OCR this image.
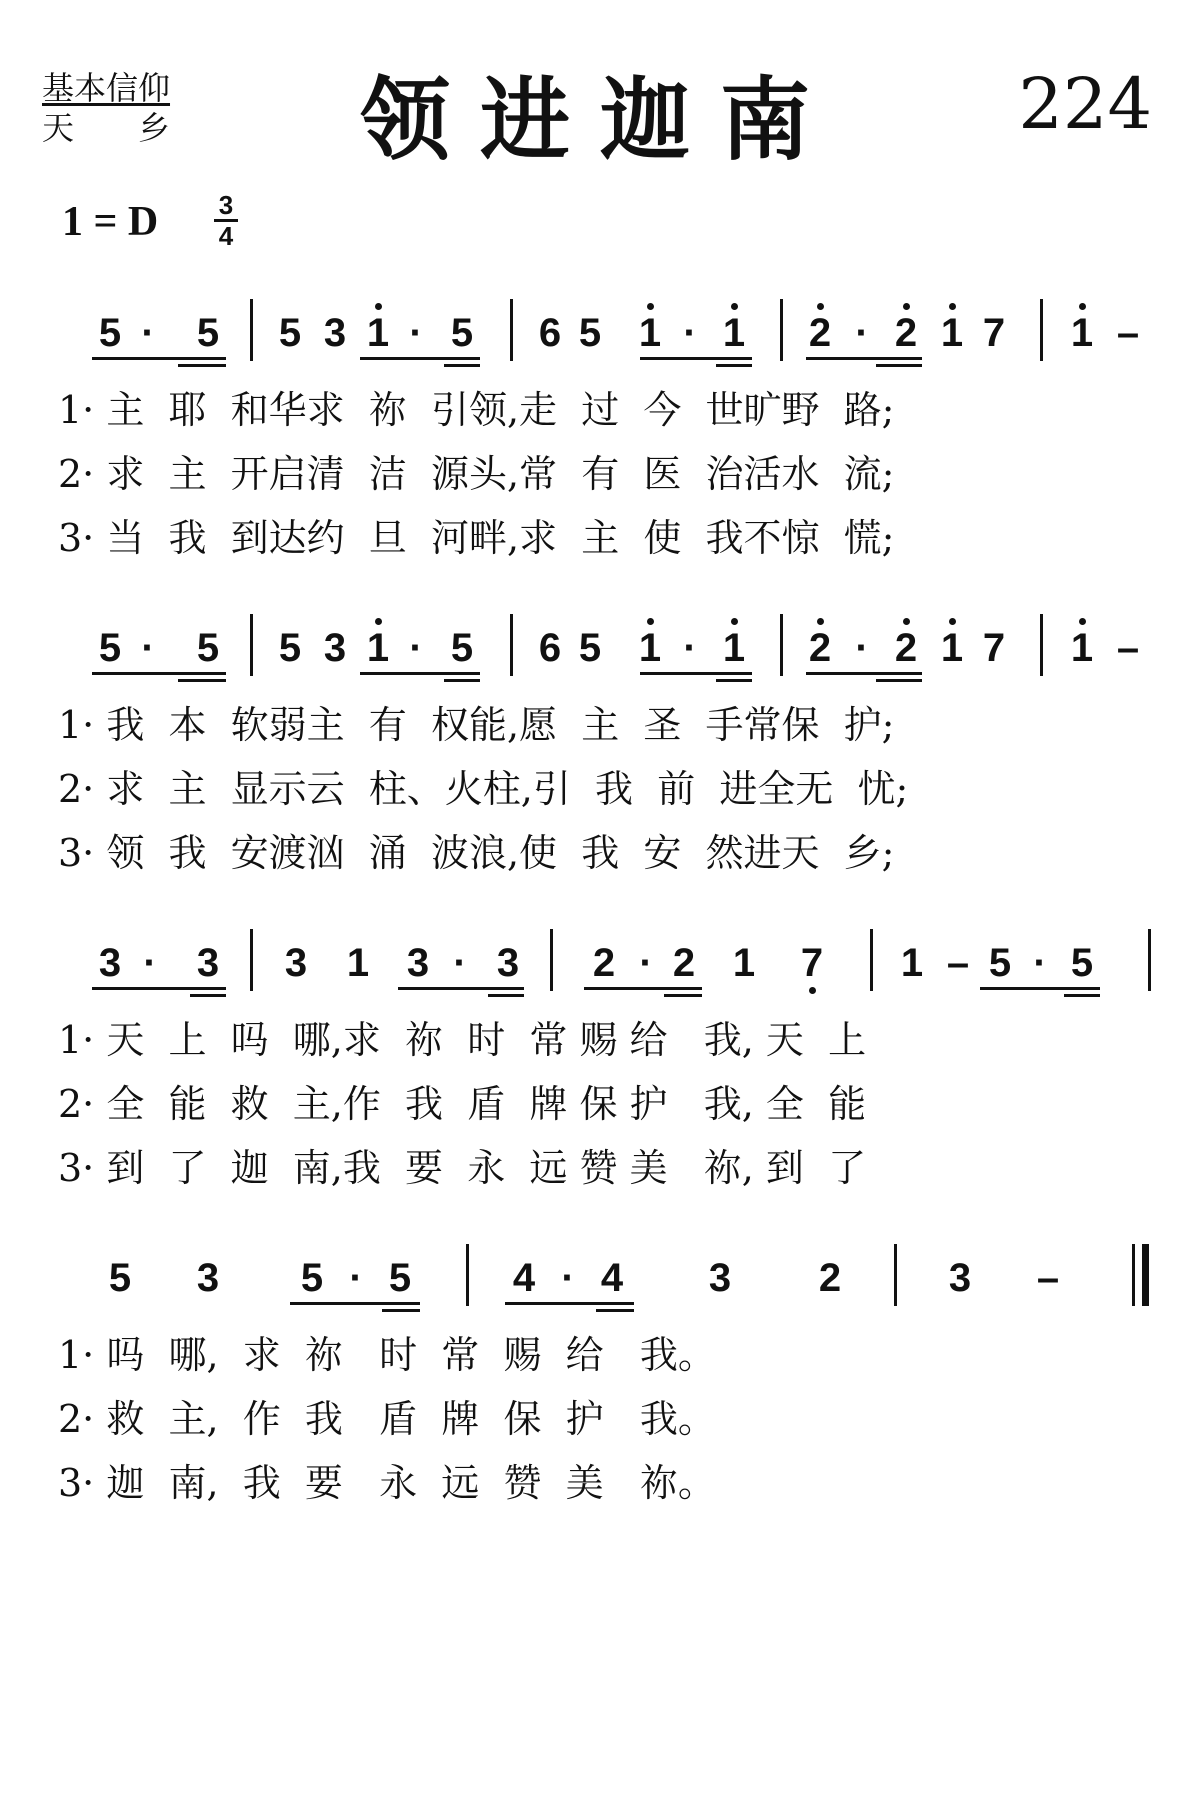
基本信仰
天　　乡	领进迦南	224
1 = D $\frac{3}{4}$
5 · 5 5 3 1 · 5 6 5 1 · 1 2 · 2 1 7 1 –
1· 主  耶  和华求  祢  引领,走  过  今  世旷野  路;
2· 求  主  开启清  洁  源头,常  有  医  治活水  流;
3· 当  我  到达约  旦  河畔,求  主  使  我不惊  慌;
5 · 5 5 3 1 · 5 6 5 1 · 1 2 · 2 1 7 1 –
1· 我  本  软弱主  有  权能,愿  主  圣  手常保  护;
2· 求  主  显示云  柱、火柱,引  我  前  进全无  忧;
3· 领  我  安渡汹  涌  波浪,使  我  安  然进天  乡;
3 · 3 3 1 3 · 3 2 · 2 1 7 1 – 5 · 5
1· 天  上  吗  哪,求  祢  时  常 赐 给   我, 天  上
2· 全  能  救  主,作  我  盾  牌 保 护   我, 全  能
3· 到  了  迦  南,我  要  永  远 赞 美   祢, 到  了
5 3 5 · 5	4 · 4 3 2	3 –
1· 吗  哪,  求  祢   时  常  赐  给   我。
2· 救  主,  作  我   盾  牌  保  护   我。
3· 迦  南,  我  要   永  远  赞  美   祢。
